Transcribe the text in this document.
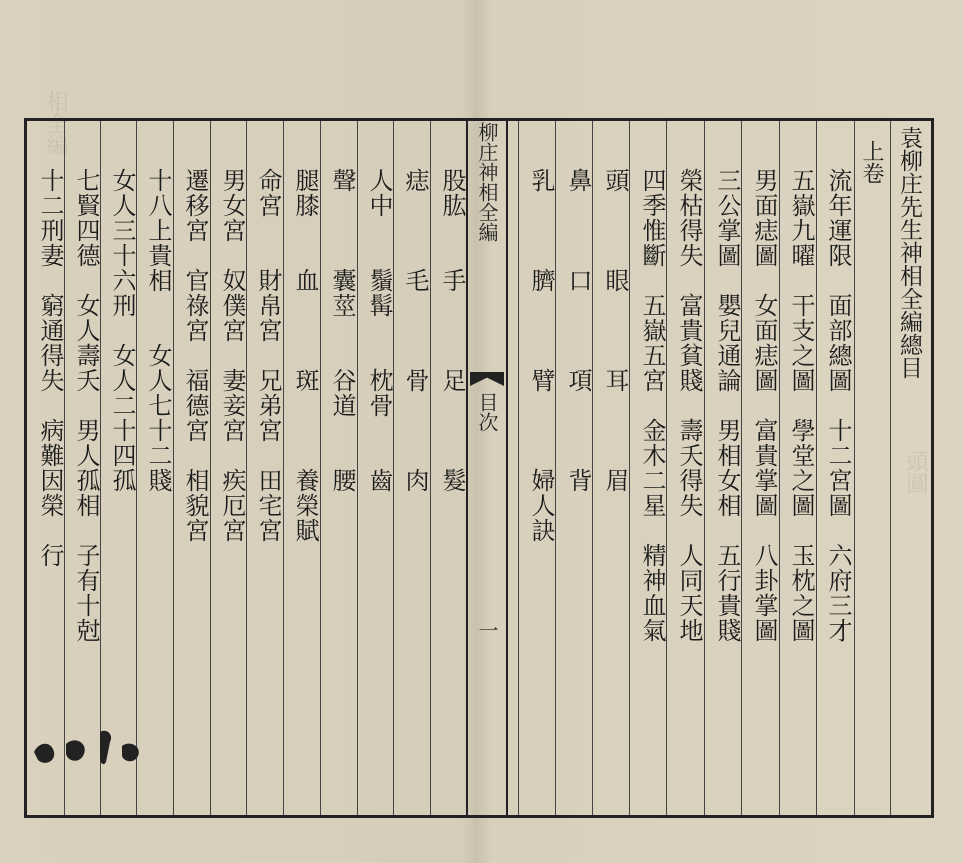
相全編
頭圓
袁柳庄先生神相全編總目
上卷
流年運限　面部總圖　十二宮圖　六府三才
五嶽九曜　干支之圖　學堂之圖　玉枕之圖
男面痣圖　女面痣圖　富貴掌圖　八卦掌圖
三公掌圖　嬰兒通論　男相女相　五行貴賤
榮枯得失　富貴貧賤　壽夭得失　人同天地
四季惟斷　五嶽五宮　金木二星　精神血氣
頭　　　眼　　　耳　　　眉
鼻　　　口　　　項　　　背
乳　　　臍　　　臂　　　婦人訣
柳庄神相全編
目次
一
股肱　　手　　　足　　　髮
痣　　　毛　　　骨　　　肉
人中　　鬚髯　　枕骨　　齒
聲　　　囊莖　　谷道　　腰
腿膝　　血　　　斑　　　養榮賦
命宮　　財帛宮　兄弟宮　田宅宮
男女宮　奴僕宮　妻妾宮　疾厄宮
遷移宮　官祿宮　福德宮　相貌宮
十八上貴相　　女人七十二賤
女人三十六刑　女人二十四孤
七賢四德　女人壽夭　男人孤相　子有十尅
十二刑妻　窮通得失　病難因榮　行
